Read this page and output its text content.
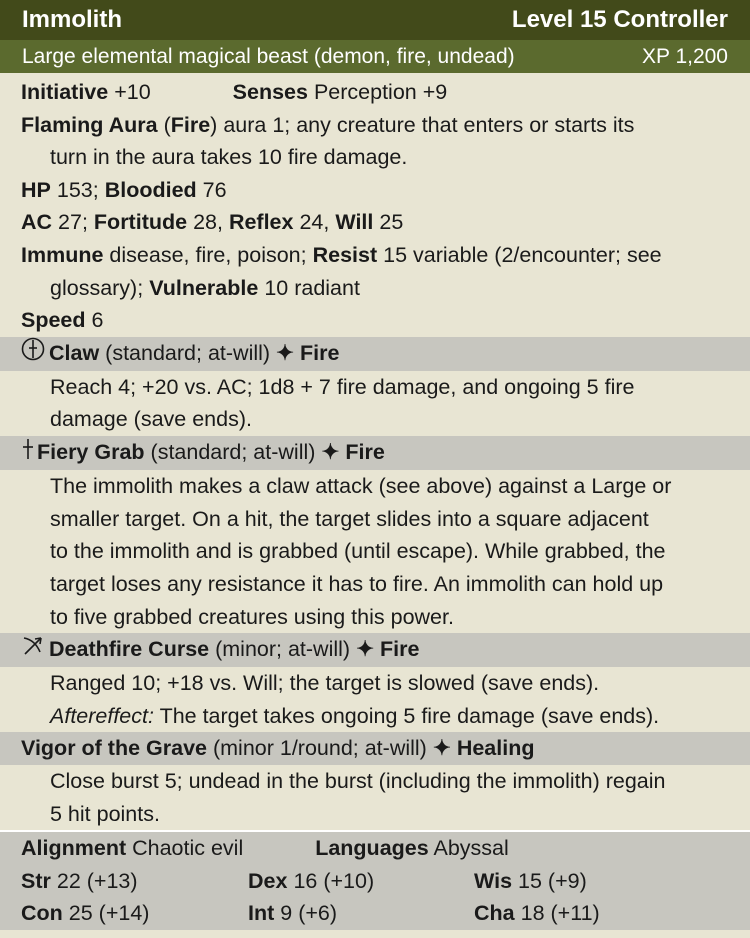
Immolith	Level 15 Controller
Large elemental magical beast (demon, fire, undead)	XP 1,200
Initiative +10	Senses Perception +9
Flaming Aura (Fire) aura 1; any creature that enters or starts its
turn in the aura takes 10 fire damage.
HP 153; Bloodied 76
AC 27; Fortitude 28, Reflex 24, Will 25
Immune disease, fire, poison; Resist 15 variable (2/encounter; see
glossary); Vulnerable 10 radiant
Speed 6
Claw (standard; at-will) ✦ Fire
Reach 4; +20 vs. AC; 1d8 + 7 fire damage, and ongoing 5 fire
damage (save ends).
Fiery Grab (standard; at-will) ✦ Fire
The immolith makes a claw attack (see above) against a Large or
smaller target. On a hit, the target slides into a square adjacent
to the immolith and is grabbed (until escape). While grabbed, the
target loses any resistance it has to fire. An immolith can hold up
to five grabbed creatures using this power.
Deathfire Curse (minor; at-will) ✦ Fire
Ranged 10; +18 vs. Will; the target is slowed (save ends).
Aftereffect: The target takes ongoing 5 fire damage (save ends).
Vigor of the Grave (minor 1/round; at-will) ✦ Healing
Close burst 5; undead in the burst (including the immolith) regain
5 hit points.
Alignment Chaotic evil	Languages Abyssal
Str 22 (+13)	Dex 16 (+10)	Wis 15 (+9)
Con 25 (+14)	Int 9 (+6)	Cha 18 (+11)
